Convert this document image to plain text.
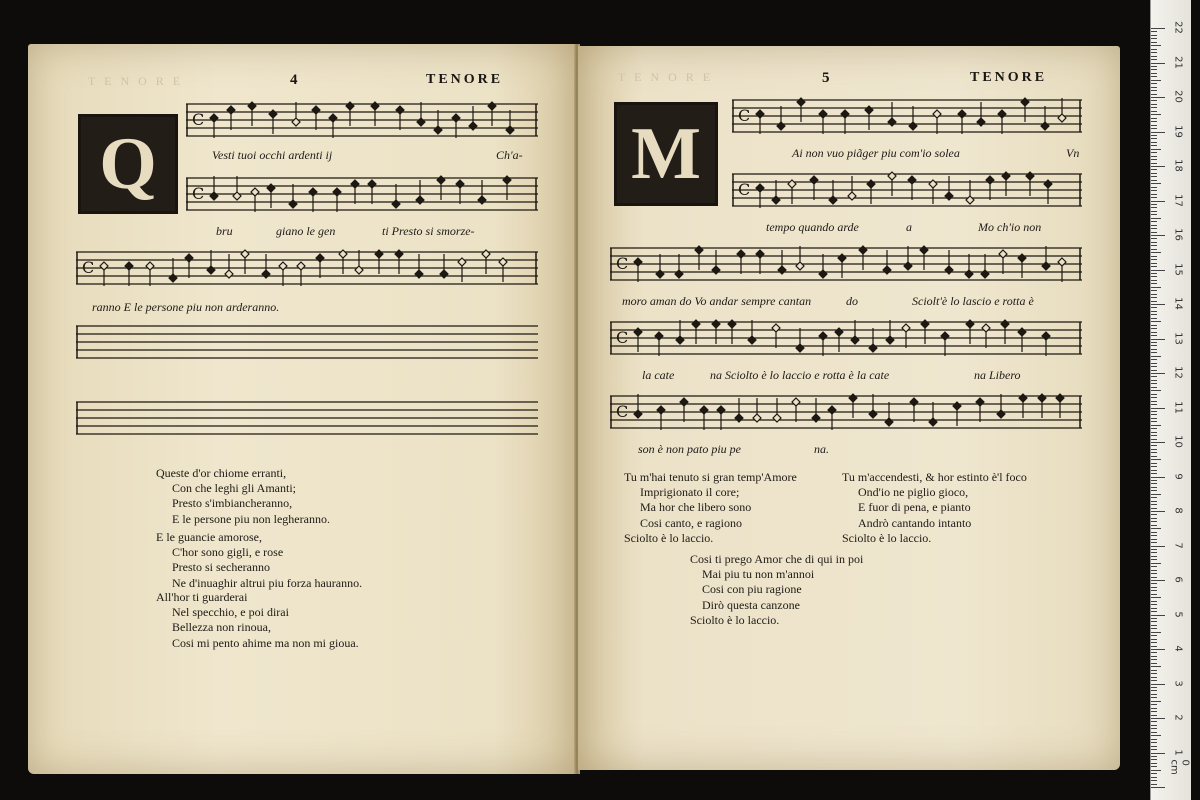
T E N O R E	4	TENORE
Q
C
Vesti tuoi occhi ardenti ij	Ch'a-
C
bru	giano le gen	ti Presto si smorze-
C
ranno E le persone piu non arderanno.
Queste d'or chiome erranti,
Con che leghi gli Amanti;
Presto s'imbiancheranno,
E le persone piu non legheranno.
E le guancie amorose,
C'hor sono gigli, e rose
Presto si secheranno
Ne d'inuaghir altrui piu forza hauranno.
All'hor ti guarderai
Nel specchio, e poi dirai
Bellezza non rinoua,
Cosi mi pento ahime ma non mi gioua.
T E N O R E	5	TENORE
M	C
Ai non vuo piãger piu com'io solea	Vn
C
tempo quando arde	a	Mo ch'io non
C
moro aman do Vo andar sempre cantan	do	Sciolt'è lo lascio e rotta è
C
la cate	na Sciolto è lo laccio e rotta è la cate	na Libero
C
son è non pato piu pe	na.
Tu m'hai tenuto si gran temp'Amore
Imprigionato il core;
Ma hor che libero sono
Cosi canto, e ragiono
Sciolto è lo laccio.
Tu m'accendesti, & hor estinto è'l foco
Ond'io ne piglio gioco,
E fuor di pena, e pianto
Andrò cantando intanto
Sciolto è lo laccio.
Cosi ti prego Amor che di qui in poi
Mai piu tu non m'annoi
Cosi con piu ragione
Dirò questa canzone
Sciolto è lo laccio.
0 cm
22
21
20
19
18
17
16
15
14
13
12
11
10
9
8
7
6
5
4
3
2
1
